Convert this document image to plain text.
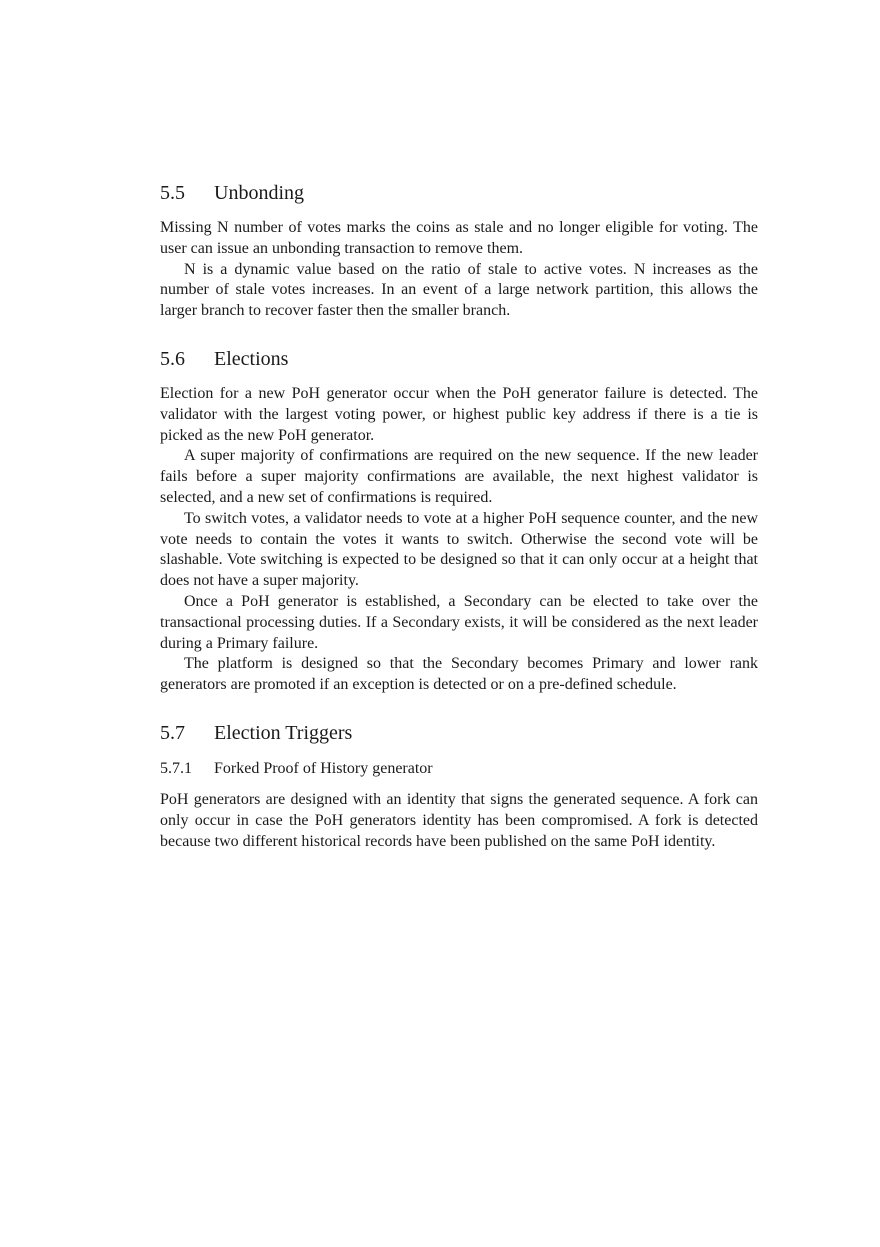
5.5 Unbonding

Missing N number of votes marks the coins as stale and no longer eligible for voting. The user can issue an unbonding transaction to remove them.

N is a dynamic value based on the ratio of stale to active votes. N increases as the number of stale votes increases. In an event of a large network partition, this allows the larger branch to recover faster then the smaller branch.

5.6 Elections

Election for a new PoH generator occur when the PoH generator failure is detected. The validator with the largest voting power, or highest public key address if there is a tie is picked as the new PoH generator.

A super majority of confirmations are required on the new sequence. If the new leader fails before a super majority confirmations are available, the next highest validator is selected, and a new set of confirmations is required.

To switch votes, a validator needs to vote at a higher PoH sequence counter, and the new vote needs to contain the votes it wants to switch. Otherwise the second vote will be slashable. Vote switching is expected to be designed so that it can only occur at a height that does not have a super majority.

Once a PoH generator is established, a Secondary can be elected to take over the transactional processing duties. If a Secondary exists, it will be considered as the next leader during a Primary failure.

The platform is designed so that the Secondary becomes Primary and lower rank generators are promoted if an exception is detected or on a pre-defined schedule.

5.7 Election Triggers
5.7.1 Forked Proof of History generator

PoH generators are designed with an identity that signs the generated sequence. A fork can only occur in case the PoH generators identity has been compromised. A fork is detected because two different historical records have been published on the same PoH identity.
